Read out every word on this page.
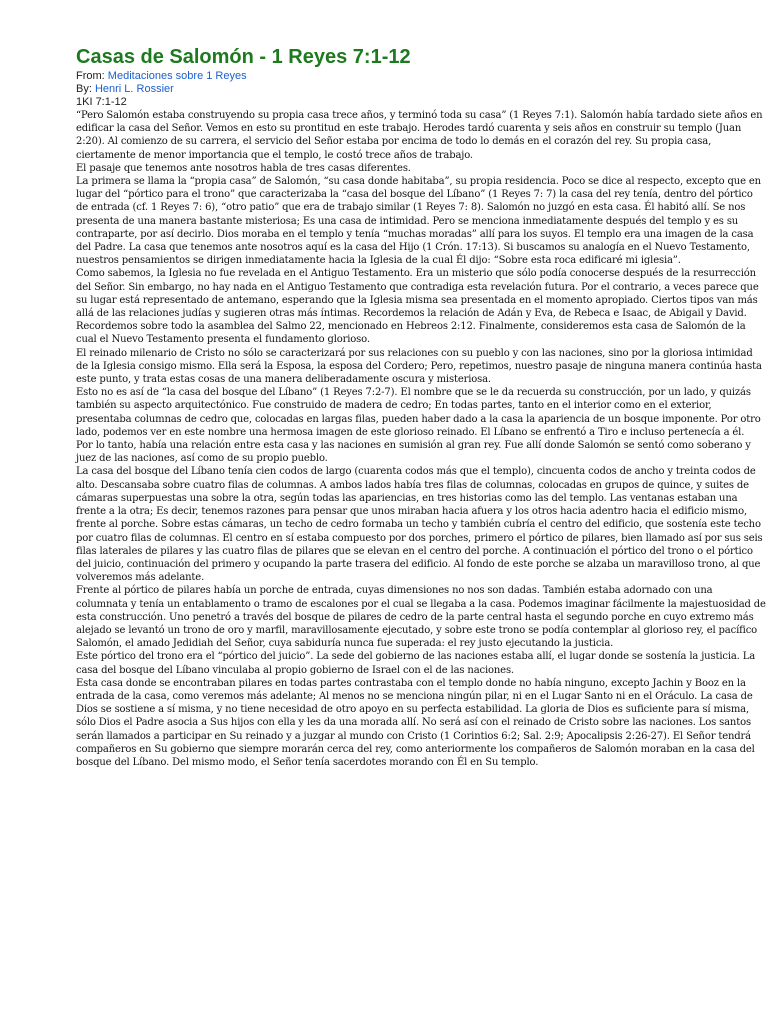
Casas de Salomón - 1 Reyes 7:1-12
From: Meditaciones sobre 1 Reyes
By: Henri L. Rossier
1KI 7:1-12

“Pero Salomón estaba construyendo su propia casa trece años, y terminó toda su casa” (1 Reyes 7:1). Salomón había tardado siete años en edificar la casa del Señor. Vemos en esto su prontitud en este trabajo. Herodes tardó cuarenta y seis años en construir su templo (Juan 2:20). Al comienzo de su carrera, el servicio del Señor estaba por encima de todo lo demás en el corazón del rey. Su propia casa, ciertamente de menor importancia que el templo, le costó trece años de trabajo.

El pasaje que tenemos ante nosotros habla de tres casas diferentes.

La primera se llama la “propia casa” de Salomón, “su casa donde habitaba”, su propia residencia. Poco se dice al respecto, excepto que en lugar del “pórtico para el trono” que caracterizaba la “casa del bosque del Líbano” (1 Reyes 7: 7) la casa del rey tenía, dentro del pórtico de entrada (cf. 1 Reyes 7: 6), “otro patio” que era de trabajo similar (1 Reyes 7: 8). Salomón no juzgó en esta casa. Él habitó allí. Se nos presenta de una manera bastante misteriosa; Es una casa de intimidad. Pero se menciona inmediatamente después del templo y es su contraparte, por así decirlo. Dios moraba en el templo y tenía “muchas moradas” allí para los suyos. El templo era una imagen de la casa del Padre. La casa que tenemos ante nosotros aquí es la casa del Hijo (1 Crón. 17:13). Si buscamos su analogía en el Nuevo Testamento, nuestros pensamientos se dirigen inmediatamente hacia la Iglesia de la cual Él dijo: “Sobre esta roca edificaré mi iglesia”.

Como sabemos, la Iglesia no fue revelada en el Antiguo Testamento. Era un misterio que sólo podía conocerse después de la resurrección del Señor. Sin embargo, no hay nada en el Antiguo Testamento que contradiga esta revelación futura. Por el contrario, a veces parece que su lugar está representado de antemano, esperando que la Iglesia misma sea presentada en el momento apropiado. Ciertos tipos van más allá de las relaciones judías y sugieren otras más íntimas. Recordemos la relación de Adán y Eva, de Rebeca e Isaac, de Abigail y David. Recordemos sobre todo la asamblea del Salmo 22, mencionado en Hebreos 2:12. Finalmente, consideremos esta casa de Salomón de la cual el Nuevo Testamento presenta el fundamento glorioso.

El reinado milenario de Cristo no sólo se caracterizará por sus relaciones con su pueblo y con las naciones, sino por la gloriosa intimidad de la Iglesia consigo mismo. Ella será la Esposa, la esposa del Cordero; Pero, repetimos, nuestro pasaje de ninguna manera continúa hasta este punto, y trata estas cosas de una manera deliberadamente oscura y misteriosa.

Esto no es así de “la casa del bosque del Líbano” (1 Reyes 7:2-7). El nombre que se le da recuerda su construcción, por un lado, y quizás también su aspecto arquitectónico. Fue construido de madera de cedro; En todas partes, tanto en el interior como en el exterior, presentaba columnas de cedro que, colocadas en largas filas, pueden haber dado a la casa la apariencia de un bosque imponente. Por otro lado, podemos ver en este nombre una hermosa imagen de este glorioso reinado. El Líbano se enfrentó a Tiro e incluso pertenecía a él.

Por lo tanto, había una relación entre esta casa y las naciones en sumisión al gran rey. Fue allí donde Salomón se sentó como soberano y juez de las naciones, así como de su propio pueblo.

La casa del bosque del Líbano tenía cien codos de largo (cuarenta codos más que el templo), cincuenta codos de ancho y treinta codos de alto. Descansaba sobre cuatro filas de columnas. A ambos lados había tres filas de columnas, colocadas en grupos de quince, y suites de cámaras superpuestas una sobre la otra, según todas las apariencias, en tres historias como las del templo. Las ventanas estaban una frente a la otra; Es decir, tenemos razones para pensar que unos miraban hacia afuera y los otros hacia adentro hacia el edificio mismo, frente al porche. Sobre estas cámaras, un techo de cedro formaba un techo y también cubría el centro del edificio, que sostenía este techo por cuatro filas de columnas. El centro en sí estaba compuesto por dos porches, primero el pórtico de pilares, bien llamado así por sus seis filas laterales de pilares y las cuatro filas de pilares que se elevan en el centro del porche. A continuación el pórtico del trono o el pórtico del juicio, continuación del primero y ocupando la parte trasera del edificio. Al fondo de este porche se alzaba un maravilloso trono, al que volveremos más adelante.

Frente al pórtico de pilares había un porche de entrada, cuyas dimensiones no nos son dadas. También estaba adornado con una columnata y tenía un entablamento o tramo de escalones por el cual se llegaba a la casa. Podemos imaginar fácilmente la majestuosidad de esta construcción. Uno penetró a través del bosque de pilares de cedro de la parte central hasta el segundo porche en cuyo extremo más alejado se levantó un trono de oro y marfil, maravillosamente ejecutado, y sobre este trono se podía contemplar al glorioso rey, el pacífico Salomón, el amado Jedidiah del Señor, cuya sabiduría nunca fue superada: el rey justo ejecutando la justicia.

Este pórtico del trono era el “pórtico del juicio”. La sede del gobierno de las naciones estaba allí, el lugar donde se sostenía la justicia. La casa del bosque del Líbano vinculaba al propio gobierno de Israel con el de las naciones.

Esta casa donde se encontraban pilares en todas partes contrastaba con el templo donde no había ninguno, excepto Jachin y Booz en la entrada de la casa, como veremos más adelante; Al menos no se menciona ningún pilar, ni en el Lugar Santo ni en el Oráculo. La casa de Dios se sostiene a sí misma, y no tiene necesidad de otro apoyo en su perfecta estabilidad. La gloria de Dios es suficiente para sí misma, sólo Dios el Padre asocia a Sus hijos con ella y les da una morada allí. No será así con el reinado de Cristo sobre las naciones. Los santos serán llamados a participar en Su reinado y a juzgar al mundo con Cristo (1 Corintios 6:2; Sal. 2:9; Apocalipsis 2:26-27). El Señor tendrá compañeros en Su gobierno que siempre morarán cerca del rey, como anteriormente los compañeros de Salomón moraban en la casa del bosque del Líbano. Del mismo modo, el Señor tenía sacerdotes morando con Él en Su templo.
